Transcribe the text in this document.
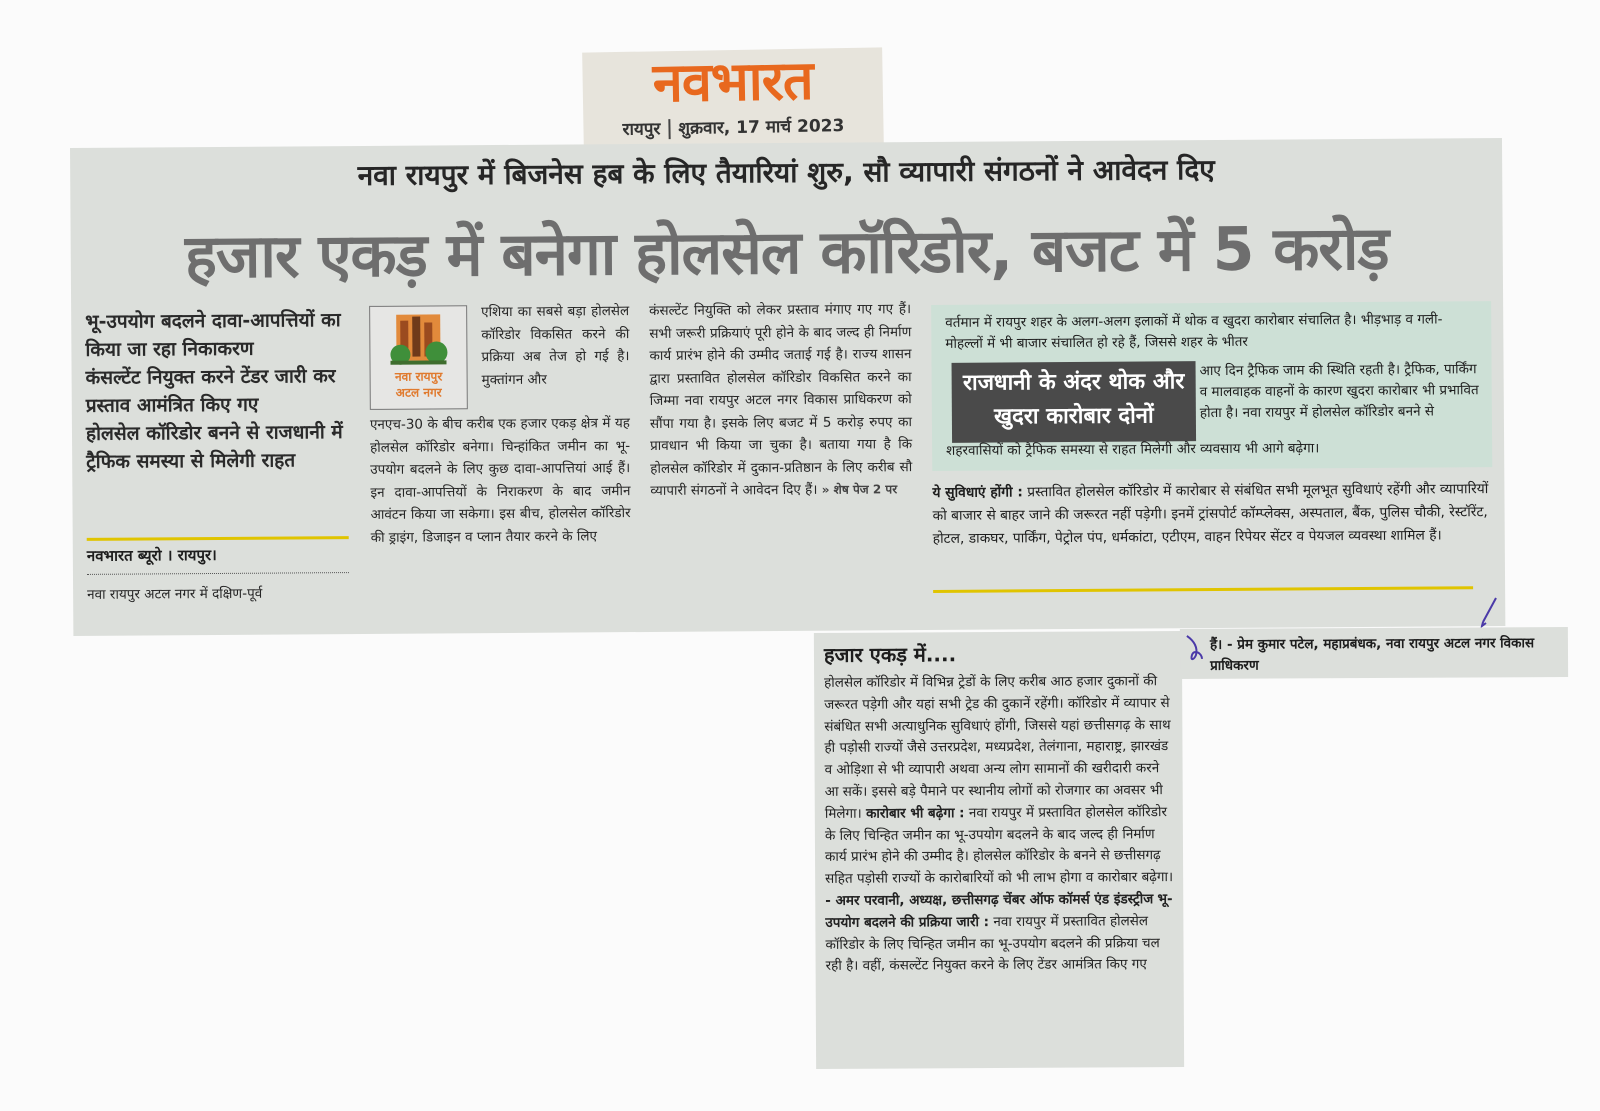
नवभारत
रायपुर शुक्रवार, 17 मार्च 2023
नवा रायपुर में बिजनेस हब के लिए तैयारियां शुरु, सौ व्यापारी संगठनों ने आवेदन दिए
हजार एकड़ में बनेगा होलसेल कॉरिडोर, बजट में 5 करोड़
भू-उपयोग बदलने दावा-आपत्तियों का किया जा रहा निकाकरण
कंसल्टेंट नियुक्त करने टेंडर जारी कर प्रस्ताव आमंत्रित किए गए
होलसेल कॉरिडोर बनने से राजधानी में ट्रैफिक समस्या से मिलेगी राहत
नवभारत ब्यूरो । रायपुर।
नवा रायपुर अटल नगर में दक्षिण-पूर्व
नवा रायपुर
अटल नगर
एशिया का सबसे बड़ा होलसेल कॉरिडोर विकसित करने की प्रक्रिया अब तेज हो गई है। मुक्तांगन और
एनएच-30 के बीच करीब एक हजार एकड़ क्षेत्र में यह होलसेल कॉरिडोर बनेगा। चिन्हांकित जमीन का भू-उपयोग बदलने के लिए कुछ दावा-आपत्तियां आई हैं। इन दावा-आपत्तियों के निराकरण के बाद जमीन आवंटन किया जा सकेगा। इस बीच, होलसेल कॉरिडोर की ड्राइंग, डिजाइन व प्लान तैयार करने के लिए
कंसल्टेंट नियुक्ति को लेकर प्रस्ताव मंगाए गए गए हैं। सभी जरूरी प्रक्रियाएं पूरी होने के बाद जल्द ही निर्माण कार्य प्रारंभ होने की उम्मीद जताई गई है। राज्य शासन द्वारा प्रस्तावित होलसेल कॉरिडोर विकसित करने का जिम्मा नवा रायपुर अटल नगर विकास प्राधिकरण को सौंपा गया है। इसके लिए बजट में 5 करोड़ रुपए का प्रावधान भी किया जा चुका है। बताया गया है कि होलसेल कॉरिडोर में दुकान-प्रतिष्ठान के लिए करीब सौ व्यापारी संगठनों ने आवेदन दिए हैं। » शेष पेज 2 पर
वर्तमान में रायपुर शहर के अलग-अलग इलाकों में थोक व खुदरा कारोबार संचालित है। भीड़भाड़ व गली-मोहल्लों में भी बाजार संचालित हो रहे हैं, जिससे शहर के भीतर
राजधानी के अंदर थोक और खुदरा कारोबार दोनों
आए दिन ट्रैफिक जाम की स्थिति रहती है। ट्रैफिक, पार्किंग व मालवाहक वाहनों के कारण खुदरा कारोबार भी प्रभावित होता है। नवा रायपुर में होलसेल कॉरिडोर बनने से
शहरवासियों को ट्रैफिक समस्या से राहत मिलेगी और व्यवसाय भी आगे बढ़ेगा।
ये सुविधाएं होंगी : प्रस्तावित होलसेल कॉरिडोर में कारोबार से संबंधित सभी मूलभूत सुविधाएं रहेंगी और व्यापारियों को बाजार से बाहर जाने की जरूरत नहीं पड़ेगी। इनमें ट्रांसपोर्ट कॉम्प्लेक्स, अस्पताल, बैंक, पुलिस चौकी, रेस्टॉरेंट, होटल, डाकघर, पार्किंग, पेट्रोल पंप, धर्मकांटा, एटीएम, वाहन रिपेयर सेंटर व पेयजल व्यवस्था शामिल हैं।
हजार एकड़ में....
होलसेल कॉरिडोर में विभिन्न ट्रेडों के लिए करीब आठ हजार दुकानों की जरूरत पड़ेगी और यहां सभी ट्रेड की दुकानें रहेंगी। कॉरिडोर में व्यापार से संबंधित सभी अत्याधुनिक सुविधाएं होंगी, जिससे यहां छत्तीसगढ़ के साथ ही पड़ोसी राज्यों जैसे उत्तरप्रदेश, मध्यप्रदेश, तेलंगाना, महाराष्ट्र, झारखंड व ओड़िशा से भी व्यापारी अथवा अन्य लोग सामानों की खरीदारी करने आ सकें। इससे बड़े पैमाने पर स्थानीय लोगों को रोजगार का अवसर भी मिलेगा। कारोबार भी बढ़ेगा : नवा रायपुर में प्रस्तावित होलसेल कॉरिडोर के लिए चिन्हित जमीन का भू-उपयोग बदलने के बाद जल्द ही निर्माण कार्य प्रारंभ होने की उम्मीद है। होलसेल कॉरिडोर के बनने से छत्तीसगढ़ सहित पड़ोसी राज्यों के कारोबारियों को भी लाभ होगा व कारोबार बढ़ेगा। - अमर परवानी, अध्यक्ष, छत्तीसगढ़ चेंबर ऑफ कॉमर्स एंड इंडस्ट्रीज भू-उपयोग बदलने की प्रक्रिया जारी : नवा रायपुर में प्रस्तावित होलसेल कॉरिडोर के लिए चिन्हित जमीन का भू-उपयोग बदलने की प्रक्रिया चल रही है। वहीं, कंसल्टेंट नियुक्त करने के लिए टेंडर आमंत्रित किए गए
हैं। - प्रेम कुमार पटेल, महाप्रबंधक, नवा रायपुर अटल नगर विकास प्राधिकरण
